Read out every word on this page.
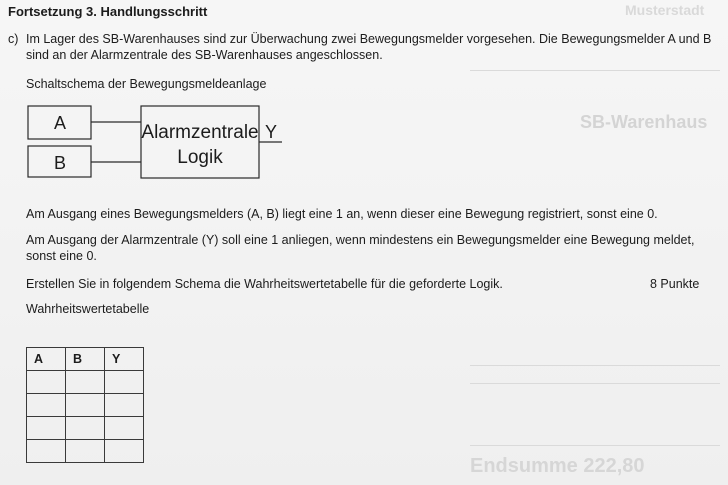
SB-Warenhaus
Endsumme 222,80
Musterstadt
Fortsetzung 3. Handlungsschritt
c) Im Lager des SB-Warenhauses sind zur Überwachung zwei Bewegungsmelder vorgesehen. Die Bewegungsmelder A und B sind an der Alarmzentrale des SB-Warenhauses angeschlossen.
Schaltschema der Bewegungsmeldeanlage
A
B
Alarmzentrale
Logik
Y
Am Ausgang eines Bewegungsmelders (A, B) liegt eine 1 an, wenn dieser eine Bewegung registriert, sonst eine 0.
Am Ausgang der Alarmzentrale (Y) soll eine 1 anliegen, wenn mindestens ein Bewegungsmelder eine Bewegung meldet, sonst eine 0.
Erstellen Sie in folgendem Schema die Wahrheitswertetabelle für die geforderte Logik.	8 Punkte
Wahrheitswertetabelle
A	B	Y
